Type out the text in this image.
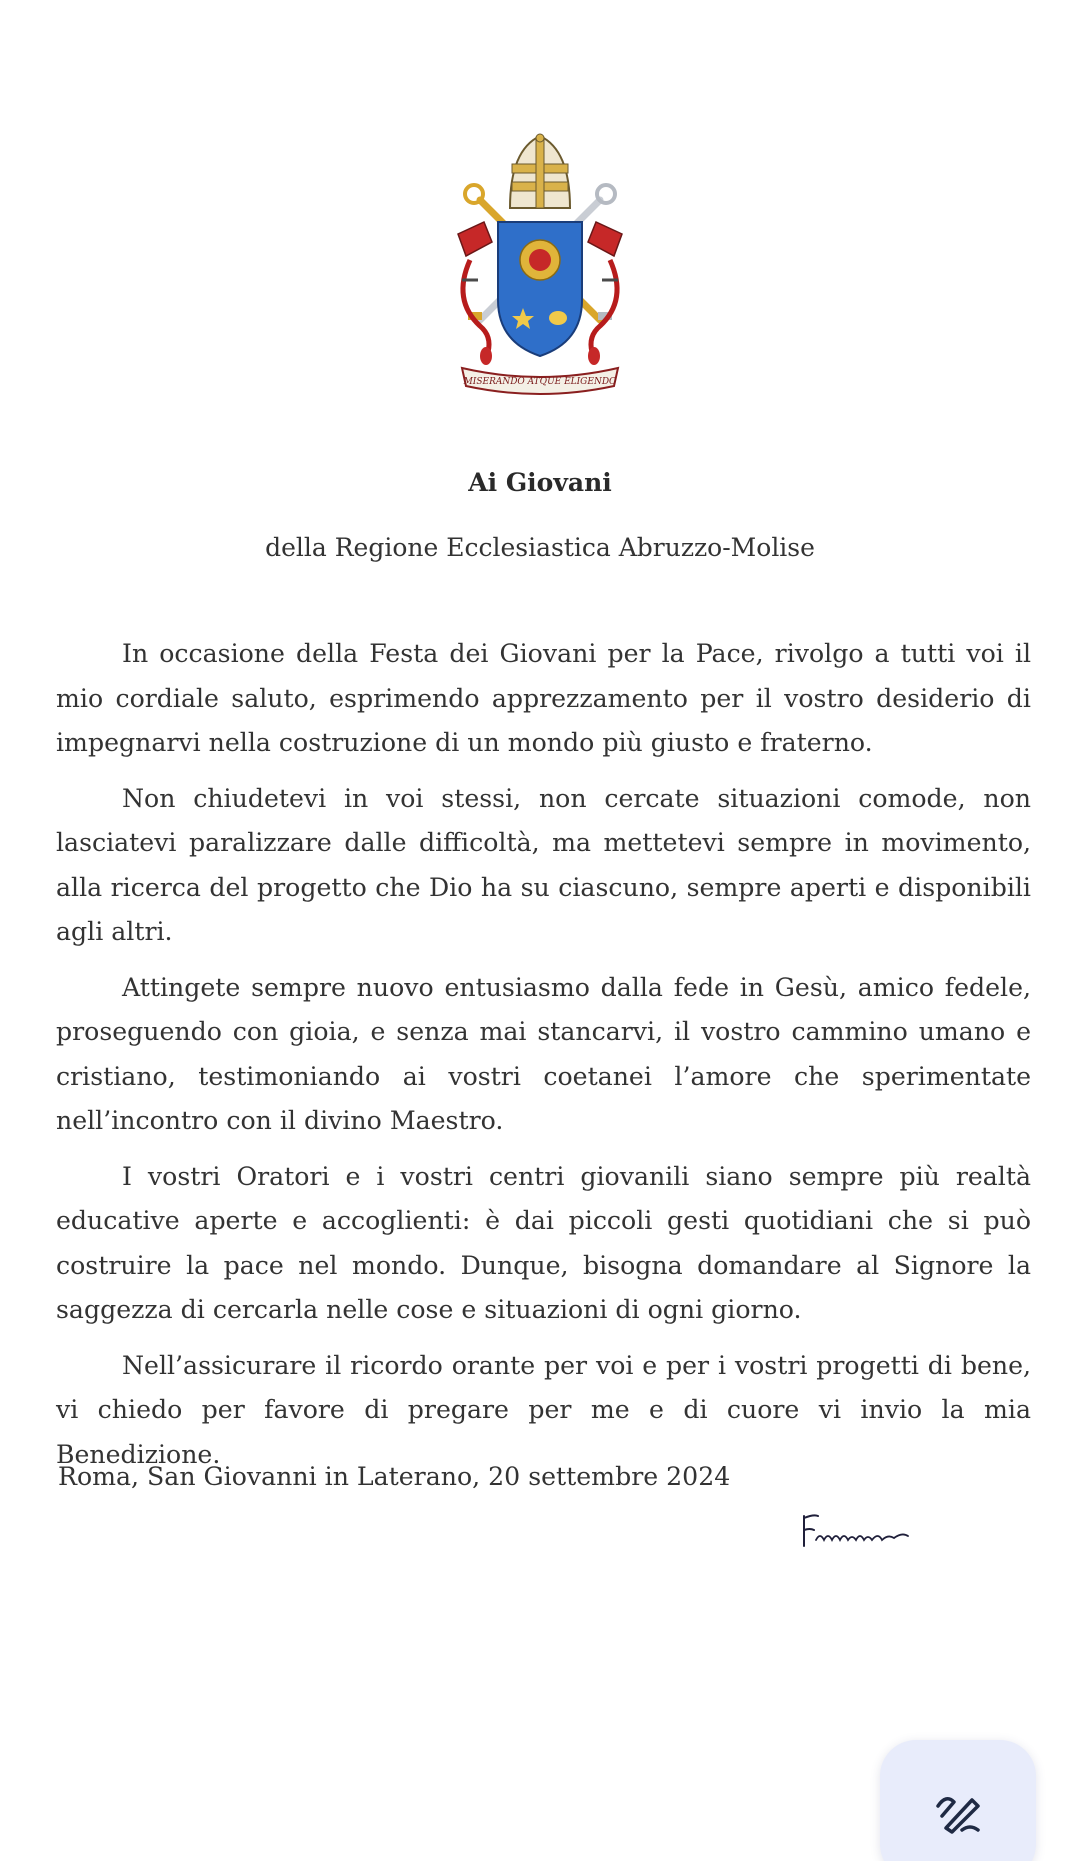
MISERANDO ATQUE ELIGENDO
Ai Giovani
della Regione Ecclesiastica Abruzzo-Molise

In occasione della Festa dei Giovani per la Pace, rivolgo a tutti voi il mio cordiale saluto, esprimendo apprezzamento per il vostro desiderio di impegnarvi nella costruzione di un mondo più giusto e fraterno.

Non chiudetevi in voi stessi, non cercate situazioni comode, non lasciatevi paralizzare dalle difficoltà, ma mettetevi sempre in movimento, alla ricerca del progetto che Dio ha su ciascuno, sempre aperti e disponibili agli altri.

Attingete sempre nuovo entusiasmo dalla fede in Gesù, amico fedele, proseguendo con gioia, e senza mai stancarvi, il vostro cammino umano e cristiano, testimoniando ai vostri coetanei l’amore che sperimentate nell’incontro con il divino Maestro.

I vostri Oratori e i vostri centri giovanili siano sempre più realtà educative aperte e accoglienti: è dai piccoli gesti quotidiani che si può costruire la pace nel mondo. Dunque, bisogna domandare al Signore la saggezza di cercarla nelle cose e situazioni di ogni giorno.

Nell’assicurare il ricordo orante per voi e per i vostri progetti di bene, vi chiedo per favore di pregare per me e di cuore vi invio la mia Benedizione.

Roma, San Giovanni in Laterano, 20 settembre 2024
